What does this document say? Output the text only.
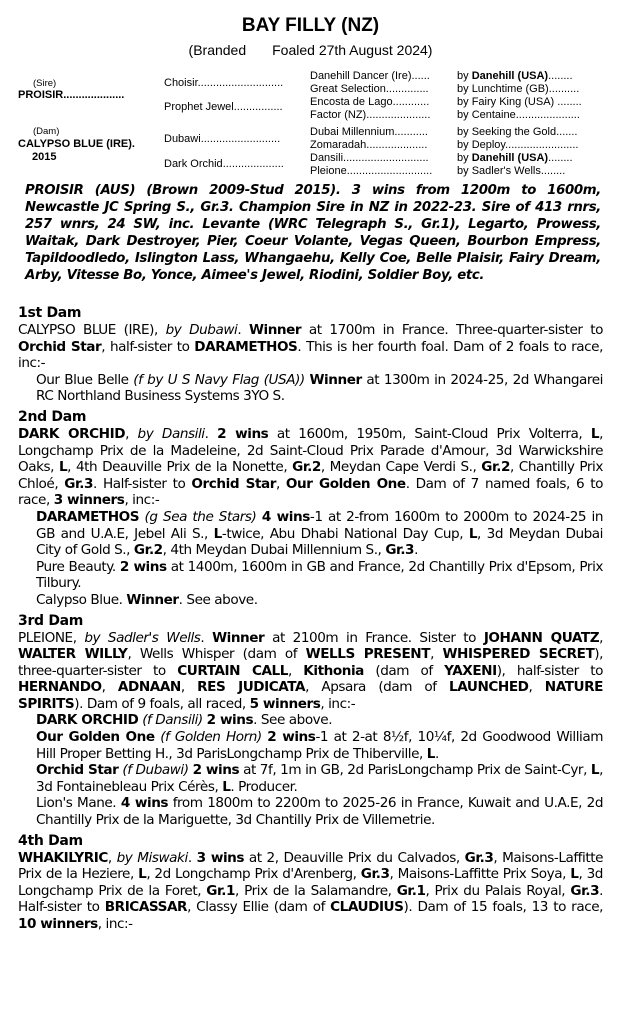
BAY FILLY (NZ)
(Branded Foaled 27th August 2024)
(Sire)
PROISIR....................
(Dam)
CALYPSO BLUE (IRE).
2015
Choisir............................
Prophet Jewel................
Dubawi..........................
Dark Orchid....................
Danehill Dancer (Ire)......
Great Selection..............
Encosta de Lago............
Factor (NZ).....................
Dubai Millennium...........
Zomaradah....................
Dansili............................
Pleione............................
by Danehill (USA)........
by Lunchtime (GB)..........
by Fairy King (USA) ........
by Centaine.....................
by Seeking the Gold.......
by Deploy........................
by Danehill (USA)........
by Sadler's Wells........
PROISIR (AUS) (Brown 2009-Stud 2015). 3 wins from 1200m to 1600m, Newcastle JC Spring S., Gr.3. Champion Sire in NZ in 2022-23. Sire of 413 rnrs, 257 wnrs, 24 SW, inc. Levante (WRC Telegraph S., Gr.1), Legarto, Prowess, Waitak, Dark Destroyer, Pier, Coeur Volante, Vegas Queen, Bourbon Empress, Tapildoodledo, Islington Lass, Whangaehu, Kelly Coe, Belle Plaisir, Fairy Dream, Arby, Vitesse Bo, Yonce, Aimee's Jewel, Riodini, Soldier Boy, etc.
1st Dam

CALYPSO BLUE (IRE), by Dubawi. Winner at 1700m in France. Three-quarter-sister to Orchid Star, half-sister to DARAMETHOS. This is her fourth foal. Dam of 2 foals to race, inc:-

Our Blue Belle (f by U S Navy Flag (USA)) Winner at 1300m in 2024-25, 2d Whangarei RC Northland Business Systems 3YO S.

2nd Dam

DARK ORCHID, by Dansili. 2 wins at 1600m, 1950m, Saint-Cloud Prix Volterra, L, Longchamp Prix de la Madeleine, 2d Saint-Cloud Prix Parade d'Amour, 3d Warwickshire Oaks, L, 4th Deauville Prix de la Nonette, Gr.2, Meydan Cape Verdi S., Gr.2, Chantilly Prix Chloé, Gr.3. Half-sister to Orchid Star, Our Golden One. Dam of 7 named foals, 6 to race, 3 winners, inc:-

DARAMETHOS (g Sea the Stars) 4 wins-1 at 2-from 1600m to 2000m to 2024-25 in GB and U.A.E, Jebel Ali S., L-twice, Abu Dhabi National Day Cup, L, 3d Meydan Dubai City of Gold S., Gr.2, 4th Meydan Dubai Millennium S., Gr.3.

Pure Beauty. 2 wins at 1400m, 1600m in GB and France, 2d Chantilly Prix d'Epsom, Prix Tilbury.

Calypso Blue. Winner. See above.

3rd Dam

PLEIONE, by Sadler's Wells. Winner at 2100m in France. Sister to JOHANN QUATZ, WALTER WILLY, Wells Whisper (dam of WELLS PRESENT, WHISPERED SECRET), three-quarter-sister to CURTAIN CALL, Kithonia (dam of YAXENI), half-sister to HERNANDO, ADNAAN, RES JUDICATA, Apsara (dam of LAUNCHED, NATURE SPIRITS). Dam of 9 foals, all raced, 5 winners, inc:-

DARK ORCHID (f Dansili) 2 wins. See above.

Our Golden One (f Golden Horn) 2 wins-1 at 2-at 8½f, 10¼f, 2d Goodwood William Hill Proper Betting H., 3d ParisLongchamp Prix de Thiberville, L.

Orchid Star (f Dubawi) 2 wins at 7f, 1m in GB, 2d ParisLongchamp Prix de Saint-Cyr, L, 3d Fontainebleau Prix Cérès, L. Producer.

Lion's Mane. 4 wins from 1800m to 2200m to 2025-26 in France, Kuwait and U.A.E, 2d Chantilly Prix de la Mariguette, 3d Chantilly Prix de Villemetrie.

4th Dam

WHAKILYRIC, by Miswaki. 3 wins at 2, Deauville Prix du Calvados, Gr.3, Maisons-Laffitte Prix de la Heziere, L, 2d Longchamp Prix d'Arenberg, Gr.3, Maisons-Laffitte Prix Soya, L, 3d Longchamp Prix de la Foret, Gr.1, Prix de la Salamandre, Gr.1, Prix du Palais Royal, Gr.3. Half-sister to BRICASSAR, Classy Ellie (dam of CLAUDIUS). Dam of 15 foals, 13 to race, 10 winners, inc:-
